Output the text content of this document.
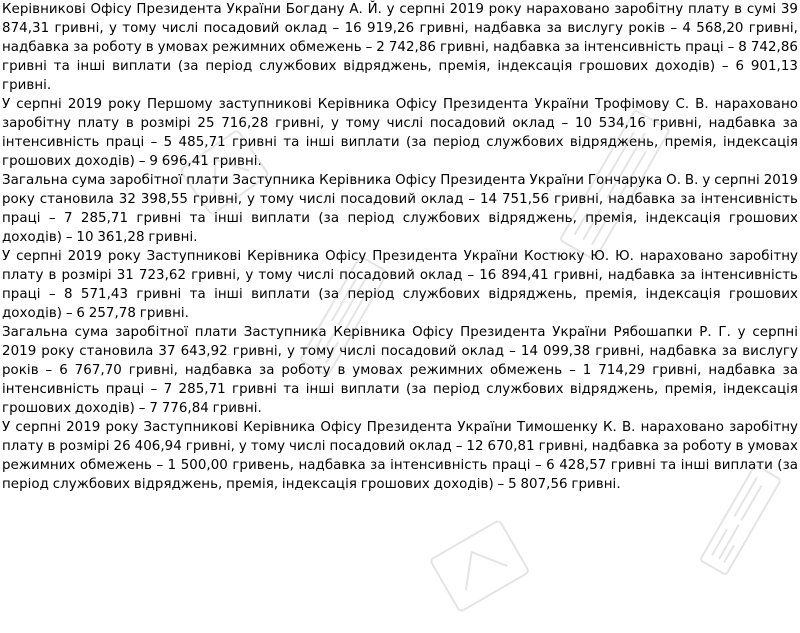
Керівникові Офісу Президента України Богдану А. Й. у серпні 2019 року нараховано заробітну плату в сумі 39 874,31 гривні, у тому числі посадовий оклад – 16 919,26 гривні, надбавка за вислугу років – 4 568,20 гривні, надбавка за роботу в умовах режимних обмежень – 2 742,86 гривні, надбавка за інтенсивність праці – 8 742,86 гривні та інші виплати (за період службових відряджень, премія, індексація грошових доходів) – 6 901,13 гривні.

У серпні 2019 року Першому заступникові Керівника Офісу Президента України Трофімову С. В. нараховано заробітну плату в розмірі 25 716,28 гривні, у тому числі посадовий оклад – 10 534,16 гривні, надбавка за інтенсивність праці – 5 485,71 гривні та інші виплати (за період службових відряджень, премія, індексація грошових доходів) – 9 696,41 гривні.

Загальна сума заробітної плати Заступника Керівника Офісу Президента України Гончарука О. В. у серпні 2019 року становила 32 398,55 гривні, у тому числі посадовий оклад – 14 751,56 гривні, надбавка за інтенсивність праці – 7 285,71 гривні та інші виплати (за період службових відряджень, премія, індексація грошових доходів) – 10 361,28 гривні.

У серпні 2019 року Заступникові Керівника Офісу Президента України Костюку Ю. Ю. нараховано заробітну плату в розмірі 31 723,62 гривні, у тому числі посадовий оклад – 16 894,41 гривні, надбавка за інтенсивність праці – 8 571,43 гривні та інші виплати (за період службових відряджень, премія, індексація грошових доходів) – 6 257,78 гривні.

Загальна сума заробітної плати Заступника Керівника Офісу Президента України Рябошапки Р. Г. у серпні 2019 року становила 37 643,92 гривні, у тому числі посадовий оклад – 14 099,38 гривні, надбавка за вислугу років – 6 767,70 гривні, надбавка за роботу в умовах режимних обмежень – 1 714,29 гривні, надбавка за інтенсивність праці – 7 285,71 гривні та інші виплати (за період службових відряджень, премія, індексація грошових доходів) – 7 776,84 гривні.

У серпні 2019 року Заступникові Керівника Офісу Президента України Тимошенку К. В. нараховано заробітну плату в розмірі 26 406,94 гривні, у тому числі посадовий оклад – 12 670,81 гривні, надбавка за роботу в умовах режимних обмежень – 1 500,00 гривень, надбавка за інтенсивність праці – 6 428,57 гривні та інші виплати (за період службових відряджень, премія, індексація грошових доходів) – 5 807,56 гривні.
